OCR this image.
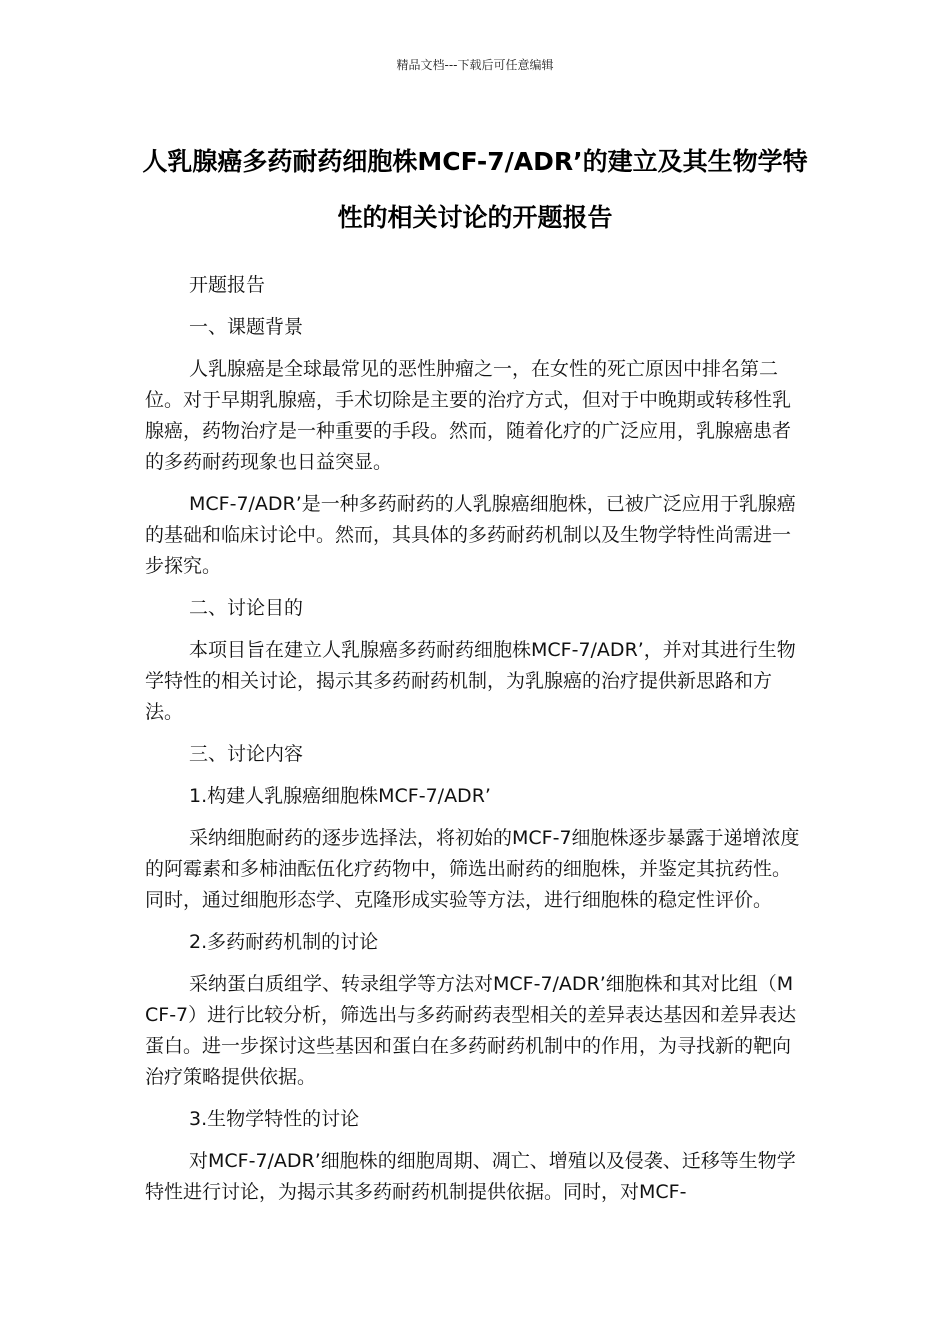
精品文档---下载后可任意编辑
人乳腺癌多药耐药细胞株MCF-7/ADR’的建立及其生物学特性的相关讨论的开题报告
开题报告
一、课题背景

人乳腺癌是全球最常见的恶性肿瘤之一，在女性的死亡原因中排名第二位。对于早期乳腺癌，手术切除是主要的治疗方式，但对于中晚期或转移性乳腺癌，药物治疗是一种重要的手段。然而，随着化疗的广泛应用，乳腺癌患者的多药耐药现象也日益突显。

MCF-7/ADR’是一种多药耐药的人乳腺癌细胞株，已被广泛应用于乳腺癌的基础和临床讨论中。然而，其具体的多药耐药机制以及生物学特性尚需进一步探究。

二、讨论目的

本项目旨在建立人乳腺癌多药耐药细胞株MCF-7/ADR’，并对其进行生物学特性的相关讨论，揭示其多药耐药机制，为乳腺癌的治疗提供新思路和方法。

三、讨论内容
1.构建人乳腺癌细胞株MCF-7/ADR’

采纳细胞耐药的逐步选择法，将初始的MCF-7细胞株逐步暴露于递增浓度的阿霉素和多柿油酝伍化疗药物中，筛选出耐药的细胞株，并鉴定其抗药性。同时，通过细胞形态学、克隆形成实验等方法，进行细胞株的稳定性评价。

2.多药耐药机制的讨论

采纳蛋白质组学、转录组学等方法对MCF-7/ADR’细胞株和其对比组（MCF-7）进行比较分析，筛选出与多药耐药表型相关的差异表达基因和差异表达蛋白。进一步探讨这些基因和蛋白在多药耐药机制中的作用，为寻找新的靶向治疗策略提供依据。

3.生物学特性的讨论

对MCF-7/ADR’细胞株的细胞周期、凋亡、增殖以及侵袭、迁移等生物学特性进行讨论，为揭示其多药耐药机制提供依据。同时，对MCF-
